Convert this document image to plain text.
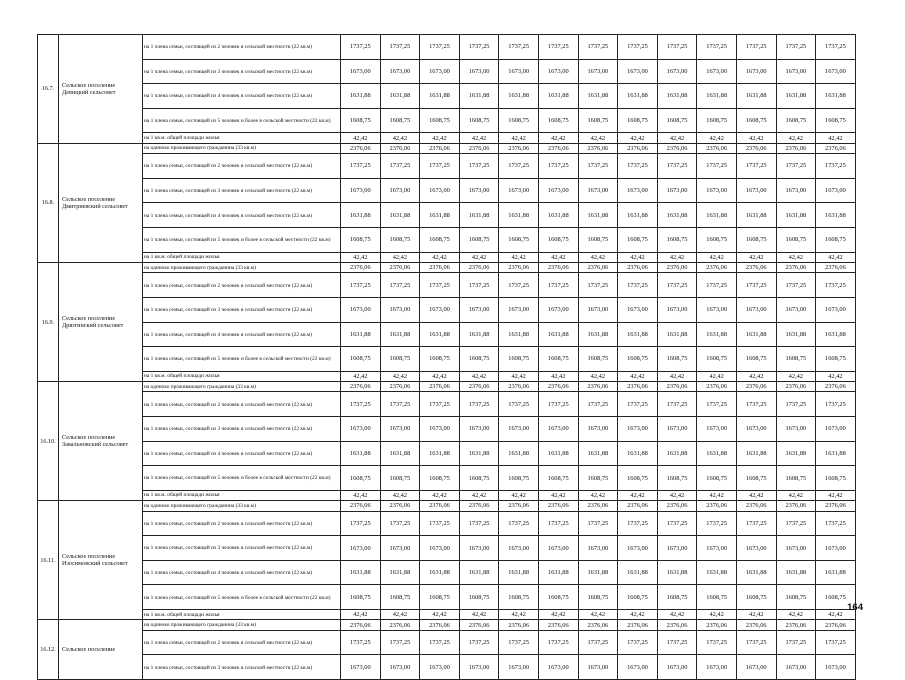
16.7.	Сельское поселение Девицкий сельсовет	на 1 члена семьи, состоящей из 2 человек в сельской местности (22 кв.м)	1737,25	1737,25	1737,25	1737,25	1737,25	1737,25	1737,25	1737,25	1737,25	1737,25	1737,25	1737,25	1737,25
		на 1 члена семьи, состоящей из 3 человек в сельской местности (22 кв.м)	1673,00	1673,00	1673,00	1673,00	1673,00	1673,00	1673,00	1673,00	1673,00	1673,00	1673,00	1673,00	1673,00
		на 1 члена семьи, состоящей из 4 человек в сельской местности (22 кв.м)	1631,88	1631,88	1631,88	1631,88	1631,88	1631,88	1631,88	1631,88	1631,88	1631,88	1631,88	1631,88	1631,88
		на 1 члена семьи, состоящей из 5 человек и более в сельской местности (22 кв.м)	1608,75	1608,75	1608,75	1608,75	1608,75	1608,75	1608,75	1608,75	1608,75	1608,75	1608,75	1608,75	1608,75
		на 1 кв.м. общей площади жилья	42,42	42,42	42,42	42,42	42,42	42,42	42,42	42,42	42,42	42,42	42,42	42,42	42,42
16.8.	Сельское поселение Дмитриевский сельсовет	на одиноко проживающего гражданина (33 кв.м)	2376,06	2376,06	2376,06	2376,06	2376,06	2376,06	2376,06	2376,06	2376,06	2376,06	2376,06	2376,06	2376,06
		на 1 члена семьи, состоящей из 2 человек в сельской местности (22 кв.м)	1737,25	1737,25	1737,25	1737,25	1737,25	1737,25	1737,25	1737,25	1737,25	1737,25	1737,25	1737,25	1737,25
		на 1 члена семьи, состоящей из 3 человек в сельской местности (22 кв.м)	1673,00	1673,00	1673,00	1673,00	1673,00	1673,00	1673,00	1673,00	1673,00	1673,00	1673,00	1673,00	1673,00
		на 1 члена семьи, состоящей из 4 человек в сельской местности (22 кв.м)	1631,88	1631,88	1631,88	1631,88	1631,88	1631,88	1631,88	1631,88	1631,88	1631,88	1631,88	1631,88	1631,88
		на 1 члена семьи, состоящей из 5 человек и более в сельской местности (22 кв.м)	1608,75	1608,75	1608,75	1608,75	1608,75	1608,75	1608,75	1608,75	1608,75	1608,75	1608,75	1608,75	1608,75
		на 1 кв.м. общей площади жилья	42,42	42,42	42,42	42,42	42,42	42,42	42,42	42,42	42,42	42,42	42,42	42,42	42,42
16.9.	Сельское поселение Дрязгинский сельсовет	на одиноко проживающего гражданина (33 кв.м)	2376,06	2376,06	2376,06	2376,06	2376,06	2376,06	2376,06	2376,06	2376,06	2376,06	2376,06	2376,06	2376,06
		на 1 члена семьи, состоящей из 2 человек в сельской местности (22 кв.м)	1737,25	1737,25	1737,25	1737,25	1737,25	1737,25	1737,25	1737,25	1737,25	1737,25	1737,25	1737,25	1737,25
		на 1 члена семьи, состоящей из 3 человек в сельской местности (22 кв.м)	1673,00	1673,00	1673,00	1673,00	1673,00	1673,00	1673,00	1673,00	1673,00	1673,00	1673,00	1673,00	1673,00
		на 1 члена семьи, состоящей из 4 человек в сельской местности (22 кв.м)	1631,88	1631,88	1631,88	1631,88	1631,88	1631,88	1631,88	1631,88	1631,88	1631,88	1631,88	1631,88	1631,88
		на 1 члена семьи, состоящей из 5 человек и более в сельской местности (22 кв.м)	1608,75	1608,75	1608,75	1608,75	1608,75	1608,75	1608,75	1608,75	1608,75	1608,75	1608,75	1608,75	1608,75
		на 1 кв.м. общей площади жилья	42,42	42,42	42,42	42,42	42,42	42,42	42,42	42,42	42,42	42,42	42,42	42,42	42,42
16.10.	Сельское поселение Завальновский сельсовет	на одиноко проживающего гражданина (33 кв.м)	2376,06	2376,06	2376,06	2376,06	2376,06	2376,06	2376,06	2376,06	2376,06	2376,06	2376,06	2376,06	2376,06
		на 1 члена семьи, состоящей из 2 человек в сельской местности (22 кв.м)	1737,25	1737,25	1737,25	1737,25	1737,25	1737,25	1737,25	1737,25	1737,25	1737,25	1737,25	1737,25	1737,25
		на 1 члена семьи, состоящей из 3 человек в сельской местности (22 кв.м)	1673,00	1673,00	1673,00	1673,00	1673,00	1673,00	1673,00	1673,00	1673,00	1673,00	1673,00	1673,00	1673,00
		на 1 члена семьи, состоящей из 4 человек в сельской местности (22 кв.м)	1631,88	1631,88	1631,88	1631,88	1631,88	1631,88	1631,88	1631,88	1631,88	1631,88	1631,88	1631,88	1631,88
		на 1 члена семьи, состоящей из 5 человек и более в сельской местности (22 кв.м)	1608,75	1608,75	1608,75	1608,75	1608,75	1608,75	1608,75	1608,75	1608,75	1608,75	1608,75	1608,75	1608,75
		на 1 кв.м. общей площади жилья	42,42	42,42	42,42	42,42	42,42	42,42	42,42	42,42	42,42	42,42	42,42	42,42	42,42
16.11.	Сельское поселение Изосимовский сельсовет	на одиноко проживающего гражданина (33 кв.м)	2376,06	2376,06	2376,06	2376,06	2376,06	2376,06	2376,06	2376,06	2376,06	2376,06	2376,06	2376,06	2376,06
		на 1 члена семьи, состоящей из 2 человек в сельской местности (22 кв.м)	1737,25	1737,25	1737,25	1737,25	1737,25	1737,25	1737,25	1737,25	1737,25	1737,25	1737,25	1737,25	1737,25
		на 1 члена семьи, состоящей из 3 человек в сельской местности (22 кв.м)	1673,00	1673,00	1673,00	1673,00	1673,00	1673,00	1673,00	1673,00	1673,00	1673,00	1673,00	1673,00	1673,00
		на 1 члена семьи, состоящей из 4 человек в сельской местности (22 кв.м)	1631,88	1631,88	1631,88	1631,88	1631,88	1631,88	1631,88	1631,88	1631,88	1631,88	1631,88	1631,88	1631,88
		на 1 члена семьи, состоящей из 5 человек и более в сельской местности (22 кв.м)	1608,75	1608,75	1608,75	1608,75	1608,75	1608,75	1608,75	1608,75	1608,75	1608,75	1608,75	1608,75	1608,75
		на 1 кв.м. общей площади жилья	42,42	42,42	42,42	42,42	42,42	42,42	42,42	42,42	42,42	42,42	42,42	42,42	42,42
16.12.	Сельское поселение	на одиноко проживающего гражданина (33 кв.м)	2376,06	2376,06	2376,06	2376,06	2376,06	2376,06	2376,06	2376,06	2376,06	2376,06	2376,06	2376,06	2376,06
		на 1 члена семьи, состоящей из 2 человек в сельской местности (22 кв.м)	1737,25	1737,25	1737,25	1737,25	1737,25	1737,25	1737,25	1737,25	1737,25	1737,25	1737,25	1737,25	1737,25
		на 1 члена семьи, состоящей из 3 человек в сельской местности (22 кв.м)	1673,00	1673,00	1673,00	1673,00	1673,00	1673,00	1673,00	1673,00	1673,00	1673,00	1673,00	1673,00	1673,00
164
